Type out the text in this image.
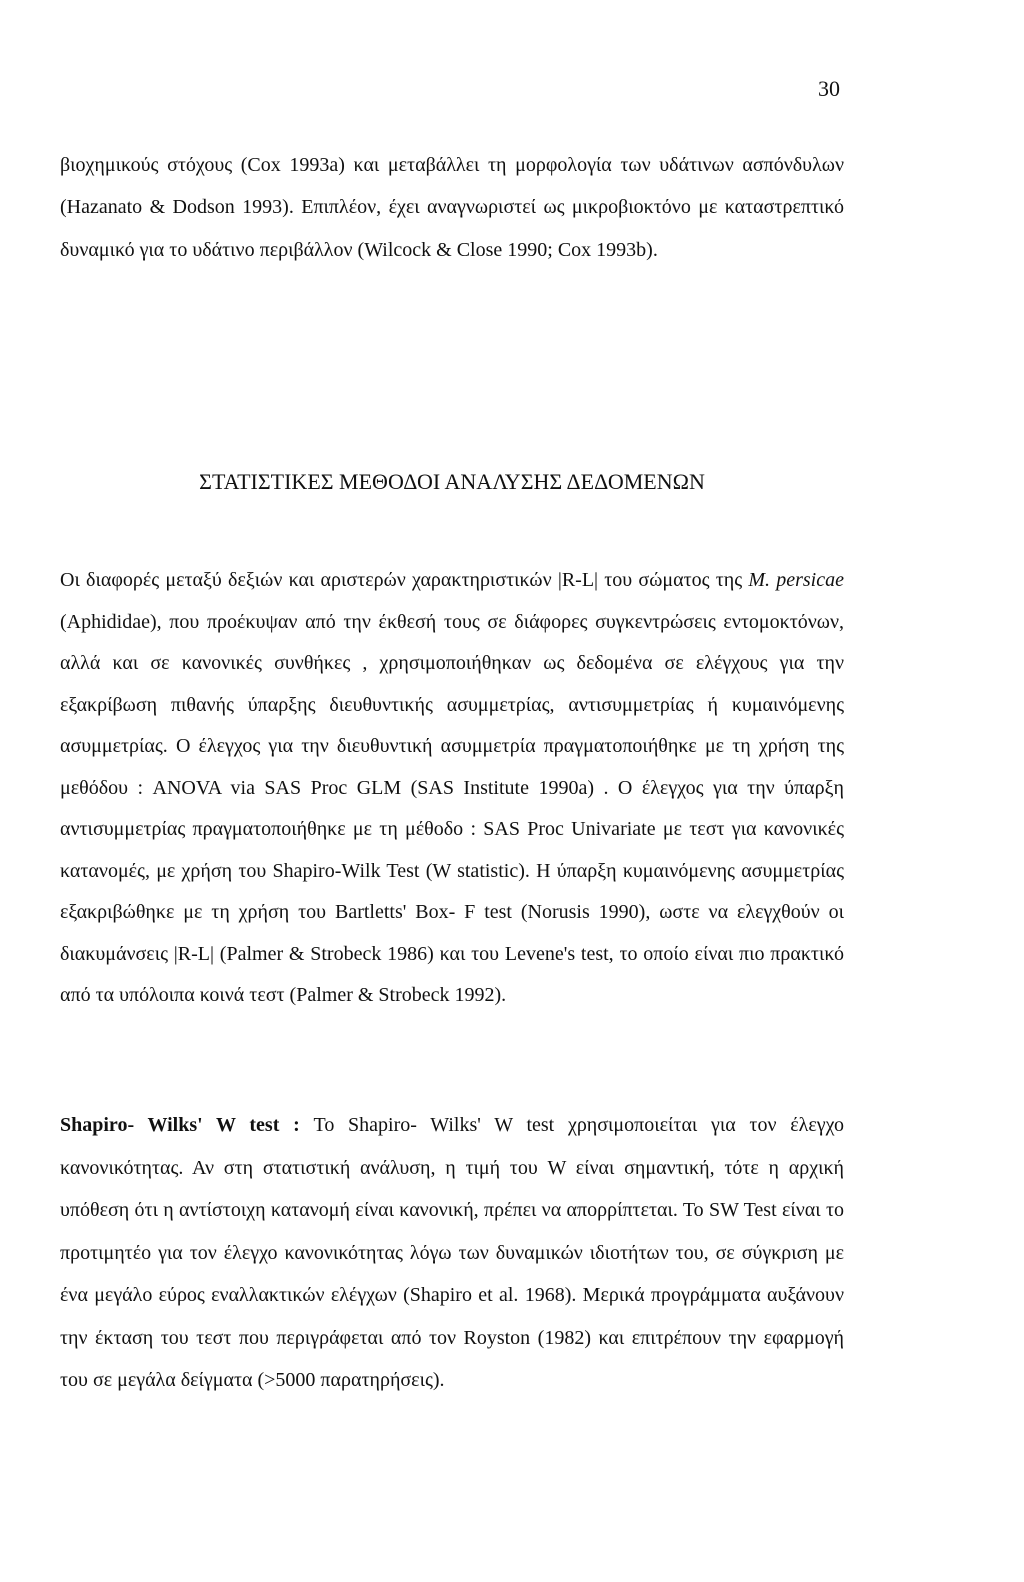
30

βιοχημικούς στόχους (Cox 1993a) και μεταβάλλει τη μορφολογία των υδάτινων ασπόνδυλων (Hazanato & Dodson 1993). Επιπλέον, έχει αναγνωριστεί ως μικροβιοκτόνο με καταστρεπτικό δυναμικό για το υδάτινο περιβάλλον (Wilcock & Close 1990; Cox 1993b).

ΣΤΑΤΙΣΤΙΚΕΣ ΜΕΘΟΔΟΙ ΑΝΑΛΥΣΗΣ ΔΕΔΟΜΕΝΩΝ

Οι διαφορές μεταξύ δεξιών και αριστερών χαρακτηριστικών |R-L| του σώματος της M. persicae (Aphididae), που προέκυψαν από την έκθεσή τους σε διάφορες συγκεντρώσεις εντομοκτόνων, αλλά και σε κανονικές συνθήκες , χρησιμοποιήθηκαν ως δεδομένα σε ελέγχους για την εξακρίβωση πιθανής ύπαρξης διευθυντικής ασυμμετρίας, αντισυμμετρίας ή κυμαινόμενης ασυμμετρίας. Ο έλεγχος για την διευθυντική ασυμμετρία πραγματοποιήθηκε με τη χρήση της μεθόδου : ANOVA via SAS Proc GLM (SAS Institute 1990a) . Ο έλεγχος για την ύπαρξη αντισυμμετρίας πραγματοποιήθηκε με τη μέθοδο : SAS Proc Univariate με τεστ για κανονικές κατανομές, με χρήση του Shapiro-Wilk Test (W statistic). Η ύπαρξη κυμαινόμενης ασυμμετρίας εξακριβώθηκε με τη χρήση του Bartletts' Box- F test (Norusis 1990), ωστε να ελεγχθούν οι διακυμάνσεις |R-L| (Palmer & Strobeck 1986) και του Levene's test, το οποίο είναι πιο πρακτικό από τα υπόλοιπα κοινά τεστ (Palmer & Strobeck 1992).

Shapiro- Wilks' W test : Το Shapiro- Wilks' W test χρησιμοποιείται για τον έλεγχο κανονικότητας. Αν στη στατιστική ανάλυση, η τιμή του W είναι σημαντική, τότε η αρχική υπόθεση ότι η αντίστοιχη κατανομή είναι κανονική, πρέπει να απορρίπτεται. Το SW Test είναι το προτιμητέο για τον έλεγχο κανονικότητας λόγω των δυναμικών ιδιοτήτων του, σε σύγκριση με ένα μεγάλο εύρος εναλλακτικών ελέγχων (Shapiro et al. 1968). Μερικά προγράμματα αυξάνουν την έκταση του τεστ που περιγράφεται από τον Royston (1982) και επιτρέπουν την εφαρμογή του σε μεγάλα δείγματα (>5000 παρατηρήσεις).
